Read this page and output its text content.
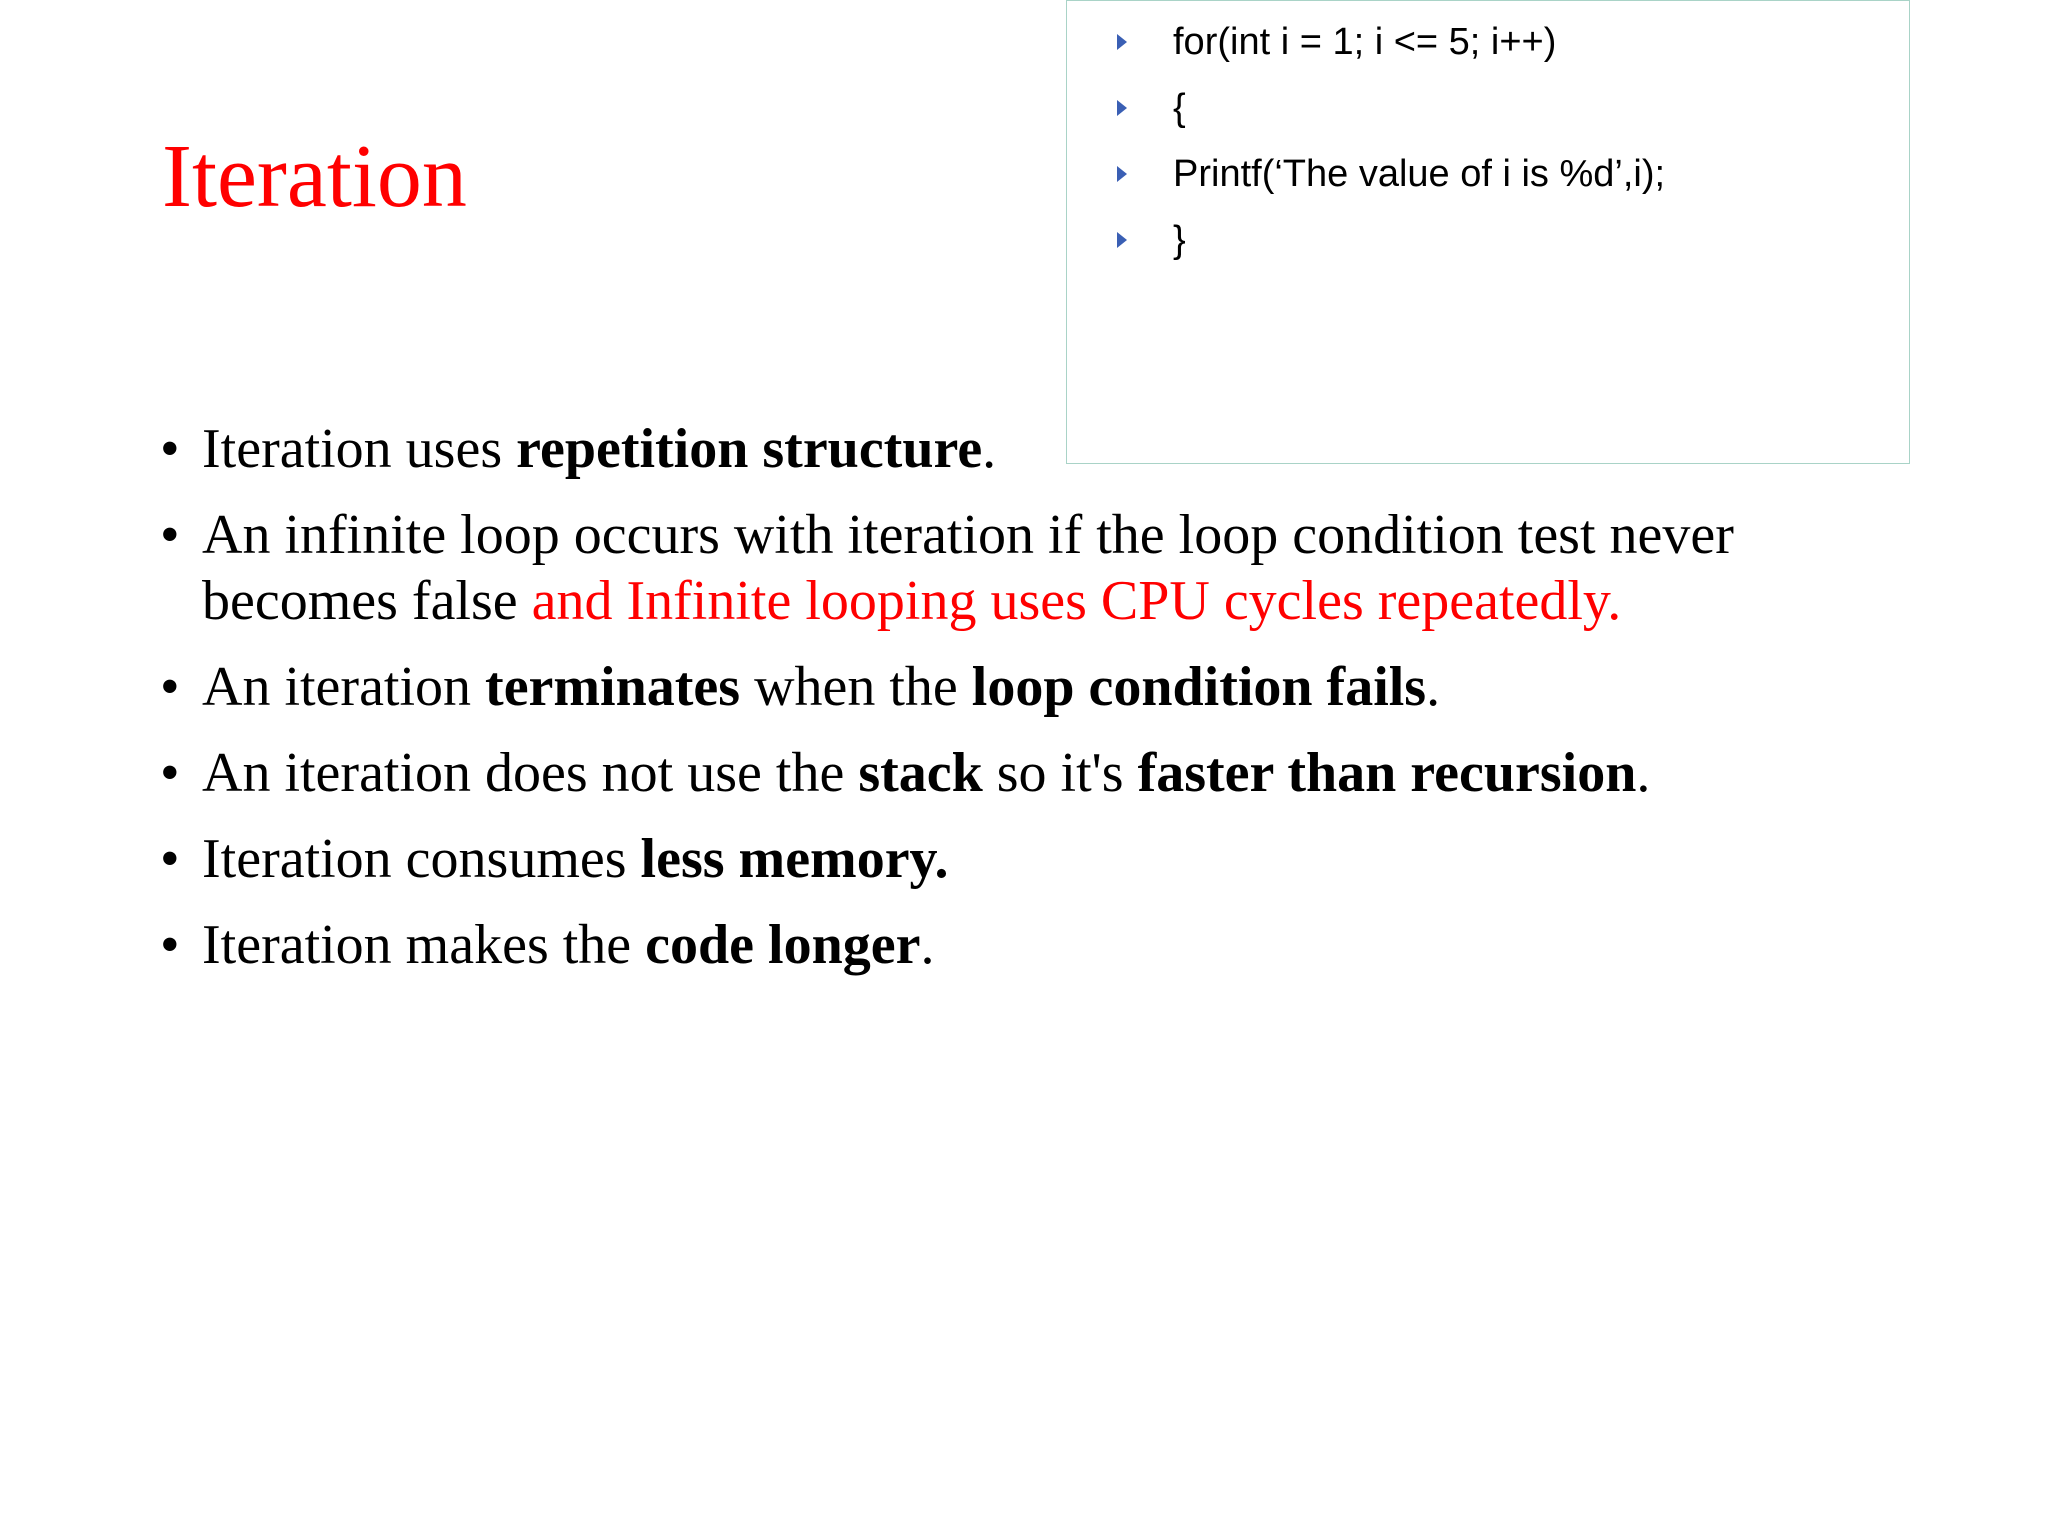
Iteration
for(int i = 1; i <= 5; i++)
{
Printf(‘The value of i is %d’,i);
}
• Iteration uses repetition structure.
• An infinite loop occurs with iteration if the loop condition test never becomes false and Infinite looping uses CPU cycles repeatedly.
• An iteration terminates when the loop condition fails.
• An iteration does not use the stack so it's faster than recursion.
• Iteration consumes less memory.
• Iteration makes the code longer.
